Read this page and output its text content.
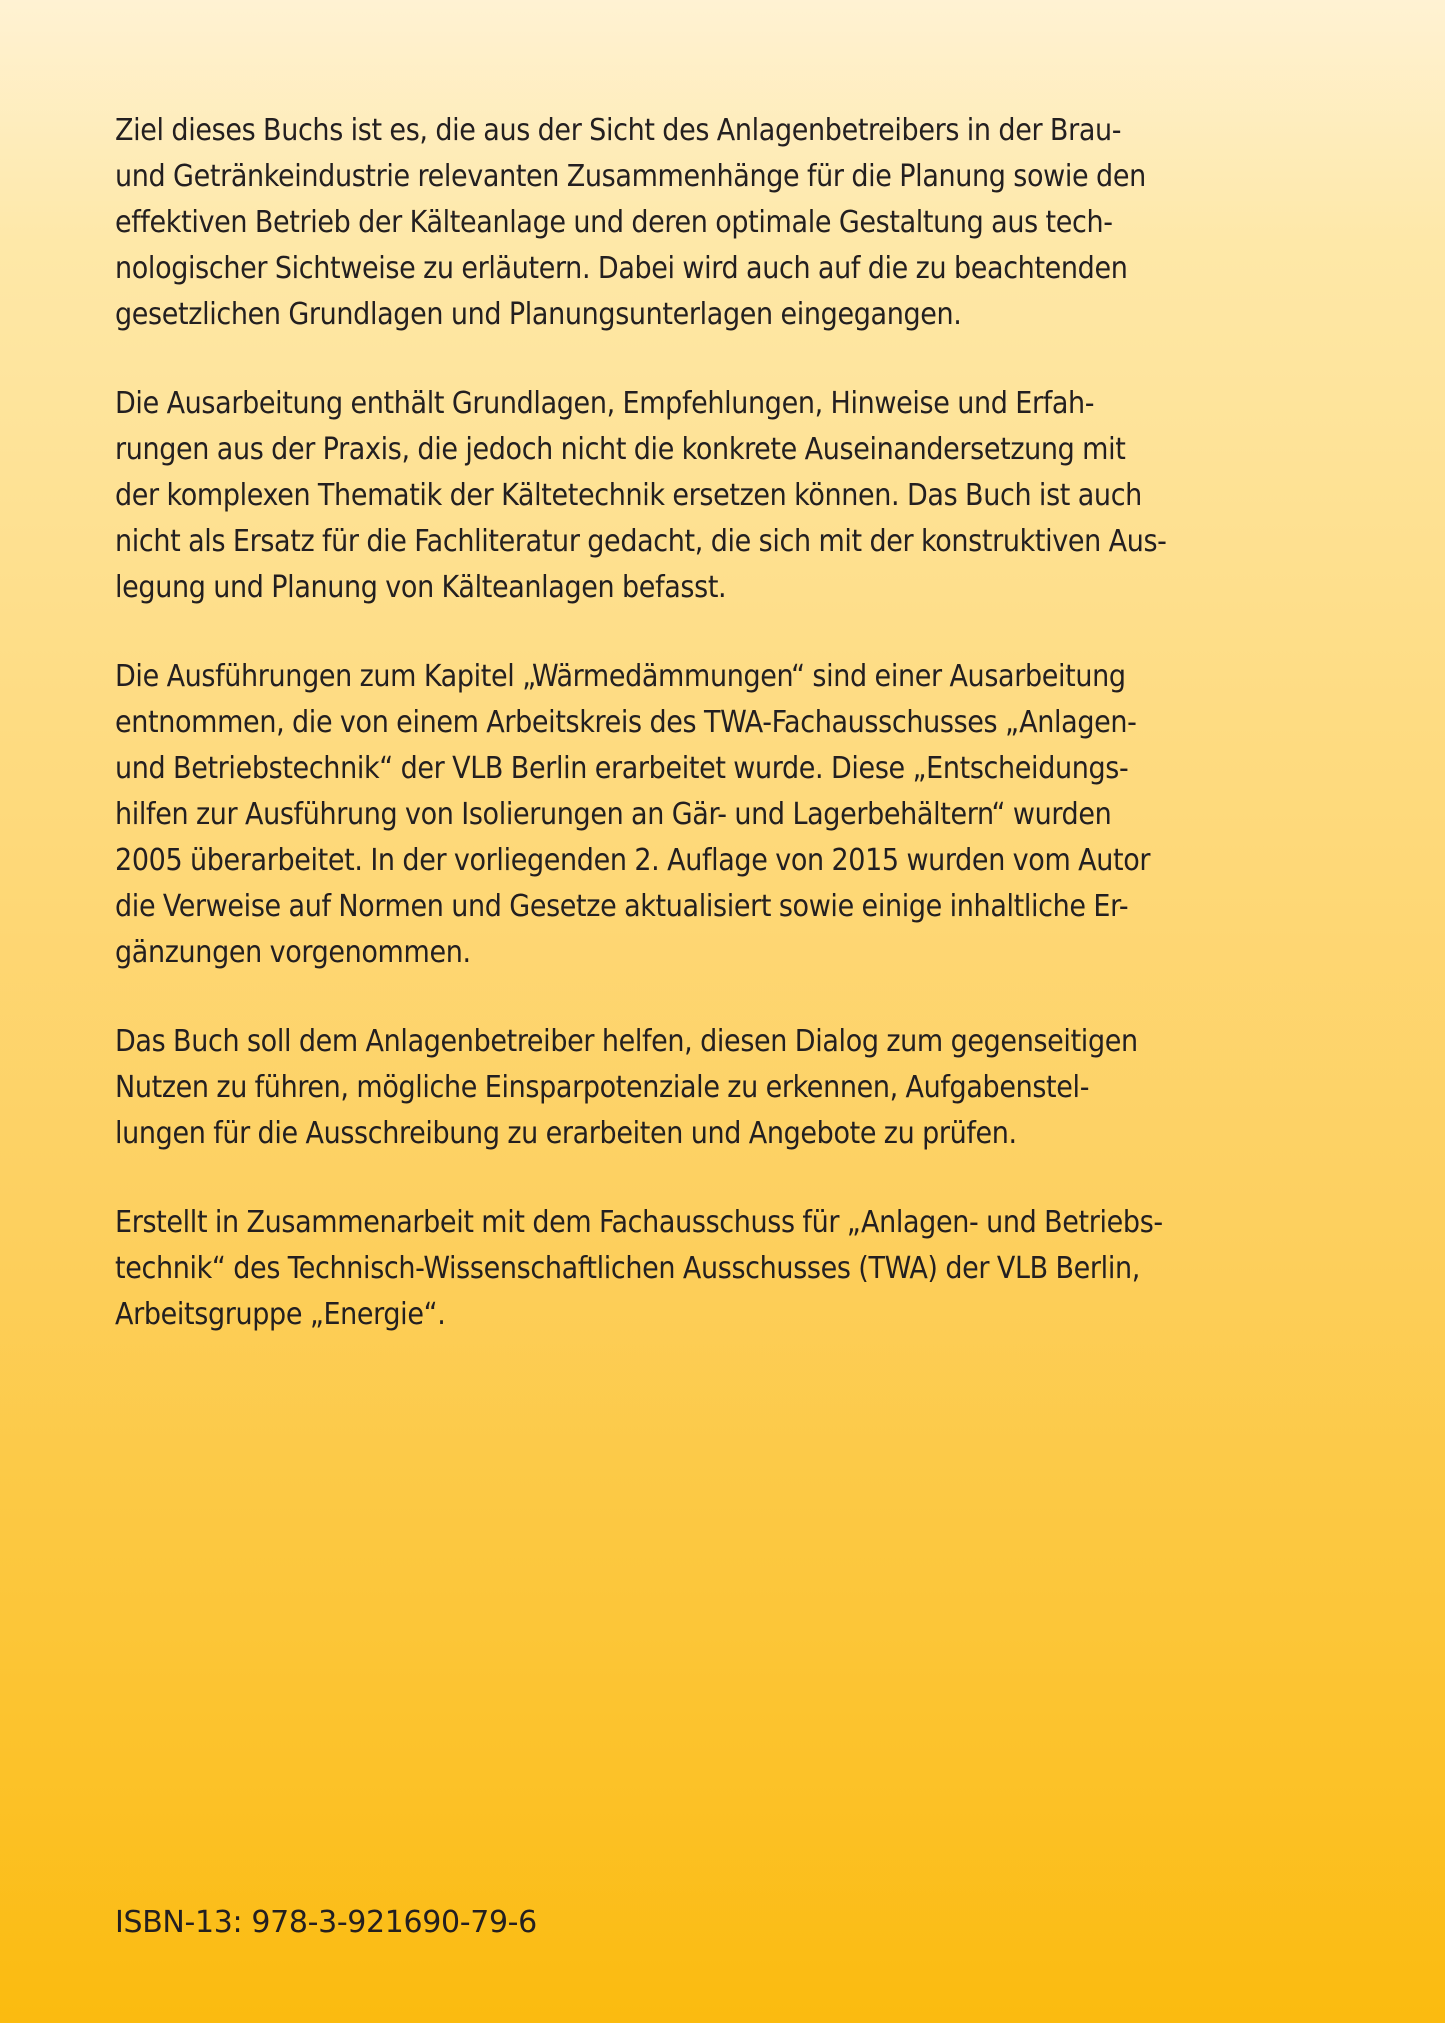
Ziel dieses Buchs ist es, die aus der Sicht des Anlagenbetreibers in der Brau-
und Getränkeindustrie relevanten Zusammenhänge für die Planung sowie den
effektiven Betrieb der Kälteanlage und deren optimale Gestaltung aus tech-
nologischer Sichtweise zu erläutern. Dabei wird auch auf die zu beachtenden
gesetzlichen Grundlagen und Planungsunterlagen eingegangen.

Die Ausarbeitung enthält Grundlagen, Empfehlungen, Hinweise und Erfah-
rungen aus der Praxis, die jedoch nicht die konkrete Auseinandersetzung mit
der komplexen Thematik der Kältetechnik ersetzen können. Das Buch ist auch
nicht als Ersatz für die Fachliteratur gedacht, die sich mit der konstruktiven Aus-
legung und Planung von Kälteanlagen befasst.

Die Ausführungen zum Kapitel „Wärmedämmungen“ sind einer Ausarbeitung
entnommen, die von einem Arbeitskreis des TWA-Fachausschusses „Anlagen-
und Betriebstechnik“ der VLB Berlin erarbeitet wurde. Diese „Entscheidungs-
hilfen zur Ausführung von Isolierungen an Gär- und Lagerbehältern“ wurden
2005 überarbeitet. In der vorliegenden 2. Auflage von 2015 wurden vom Autor
die Verweise auf Normen und Gesetze aktualisiert sowie einige inhaltliche Er-
gänzungen vorgenommen.

Das Buch soll dem Anlagenbetreiber helfen, diesen Dialog zum gegenseitigen
Nutzen zu führen, mögliche Einsparpotenziale zu erkennen, Aufgabenstel-
lungen für die Ausschreibung zu erarbeiten und Angebote zu prüfen.

Erstellt in Zusammenarbeit mit dem Fachausschuss für „Anlagen- und Betriebs-
technik“ des Technisch-Wissenschaftlichen Ausschusses (TWA) der VLB Berlin,
Arbeitsgruppe „Energie“.

ISBN-13: 978-3-921690-79-6
